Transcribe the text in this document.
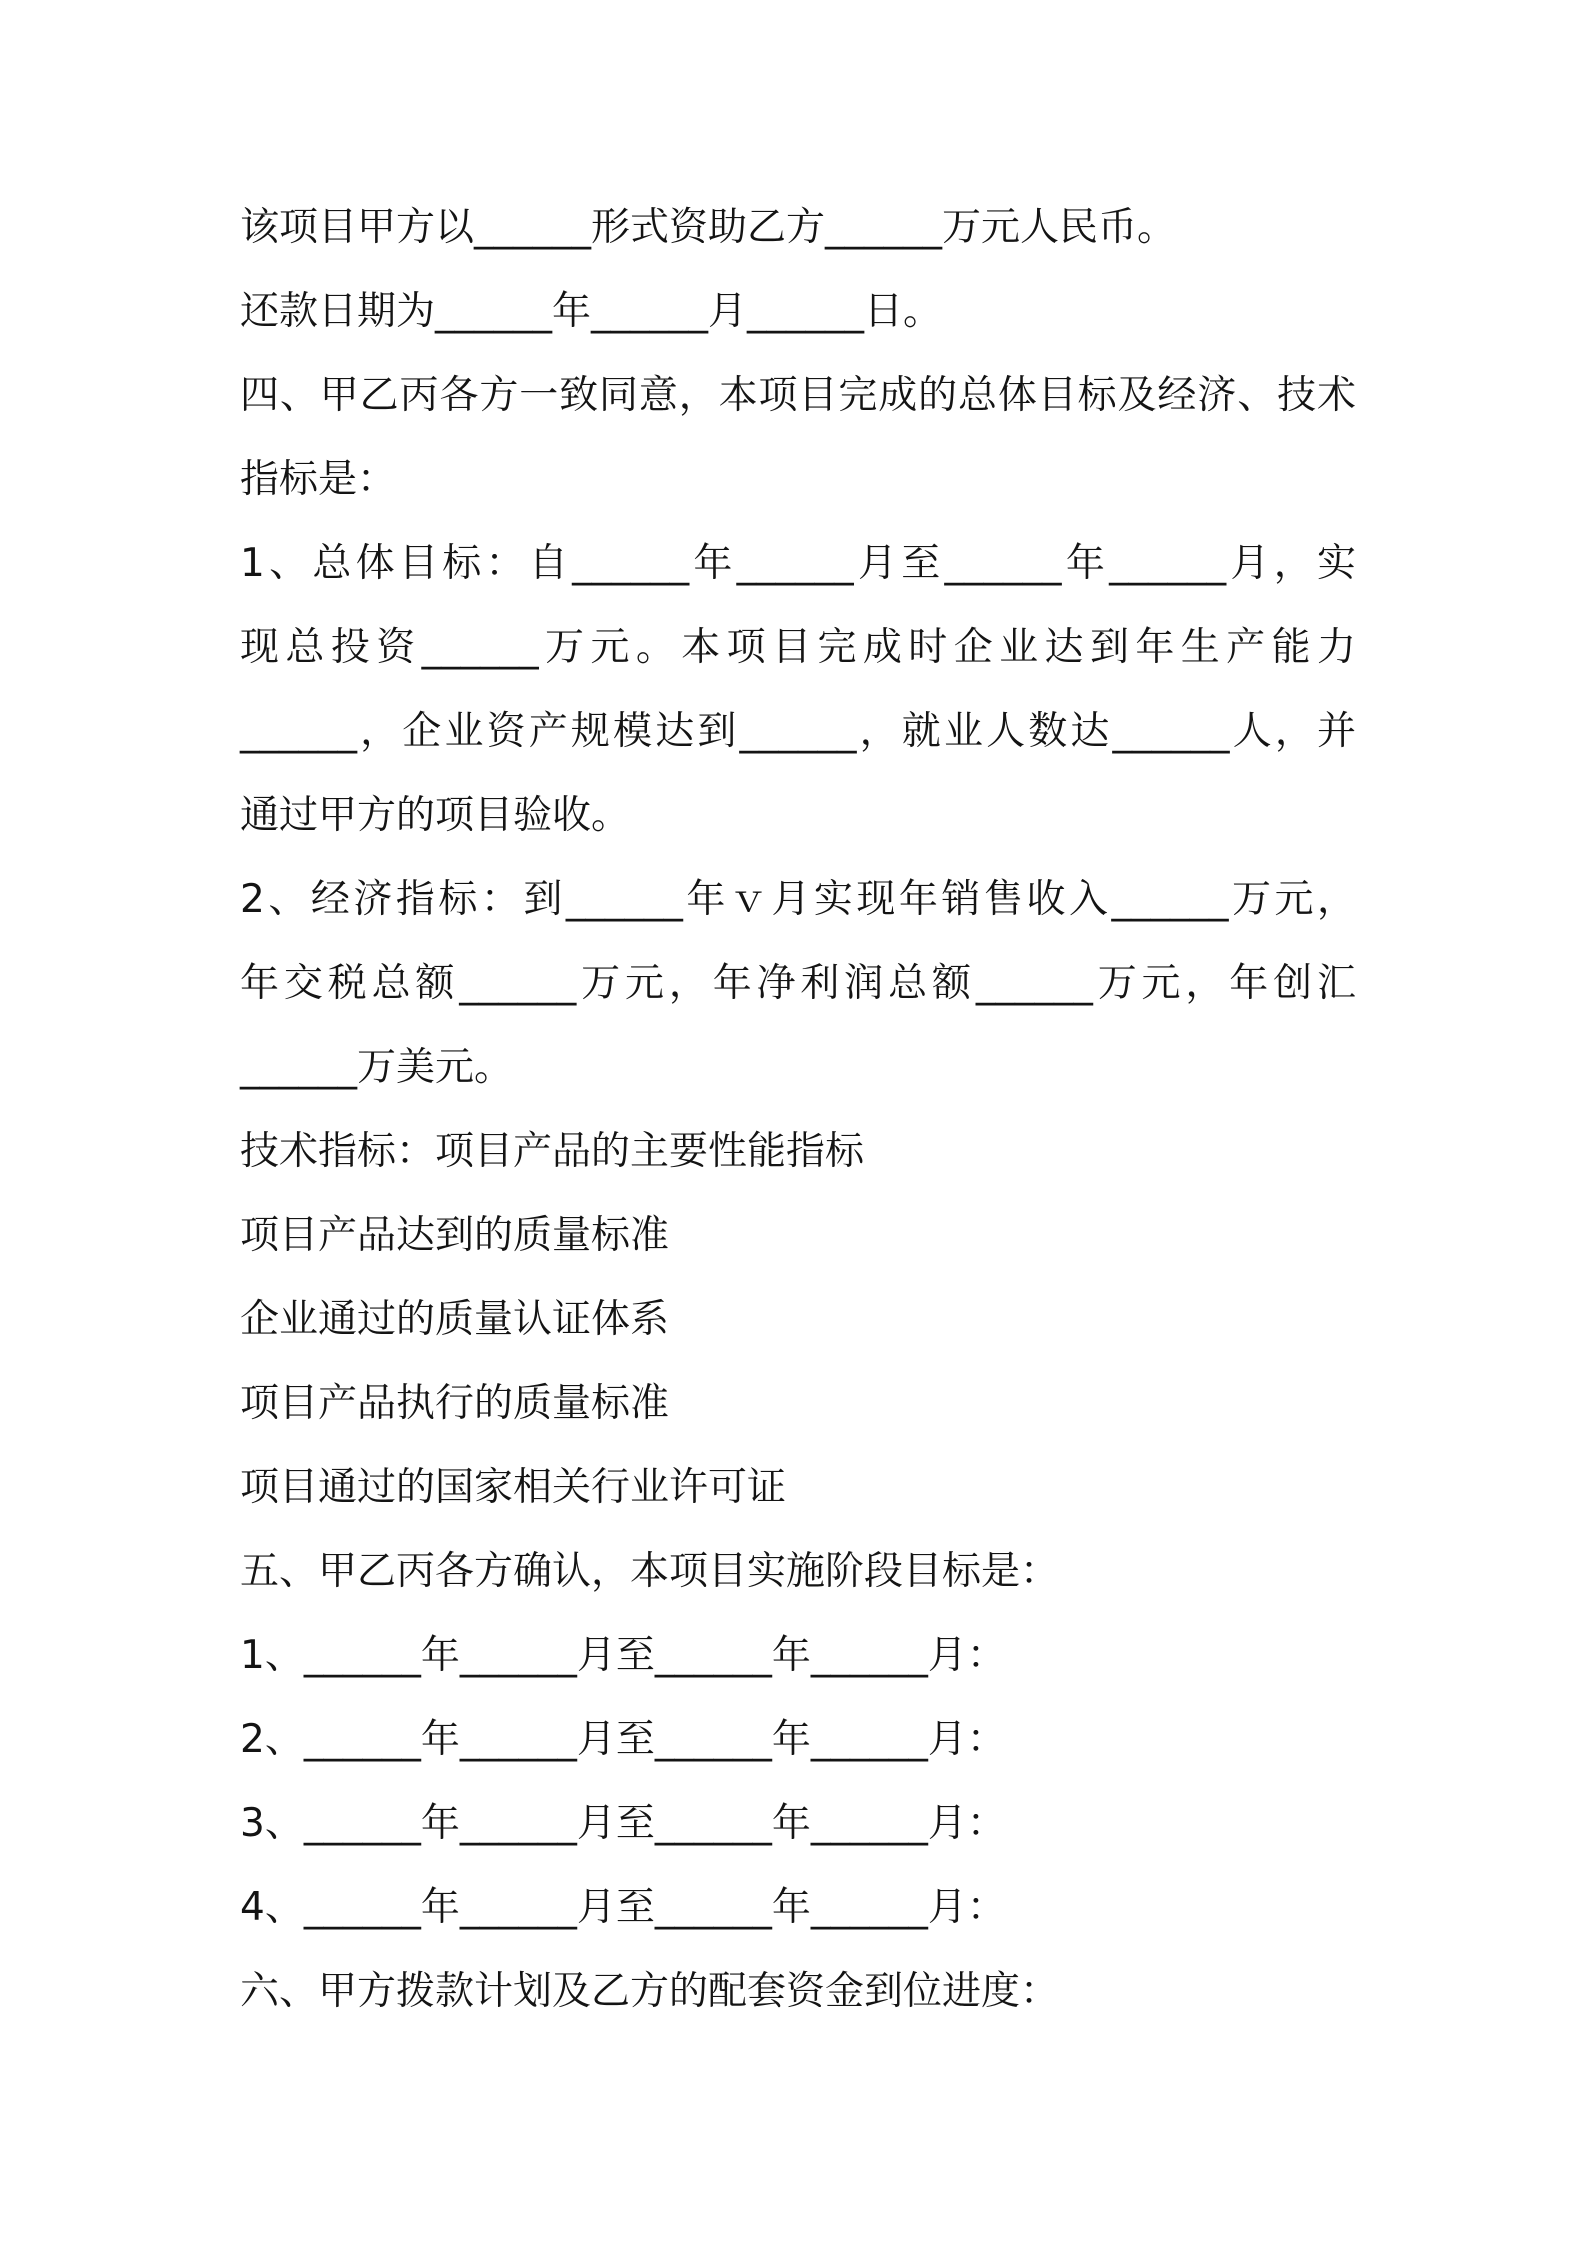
该项目甲方以______形式资助乙方______万元人民币。
还款日期为______年______月______日。
四、甲乙丙各方一致同意，本项目完成的总体目标及经济、技术
指标是：
1、总体目标：自______年______月至______年______月，实
现总投资______万元。本项目完成时企业达到年生产能力
______，企业资产规模达到______，就业人数达______人，并
通过甲方的项目验收。
2、经济指标：到______年ｖ月实现年销售收入______万元，
年交税总额______万元，年净利润总额______万元，年创汇
______万美元。
技术指标：项目产品的主要性能指标
项目产品达到的质量标准
企业通过的质量认证体系
项目产品执行的质量标准
项目通过的国家相关行业许可证
五、甲乙丙各方确认，本项目实施阶段目标是：
1、______年______月至______年______月：
2、______年______月至______年______月：
3、______年______月至______年______月：
4、______年______月至______年______月：
六、甲方拨款计划及乙方的配套资金到位进度：
